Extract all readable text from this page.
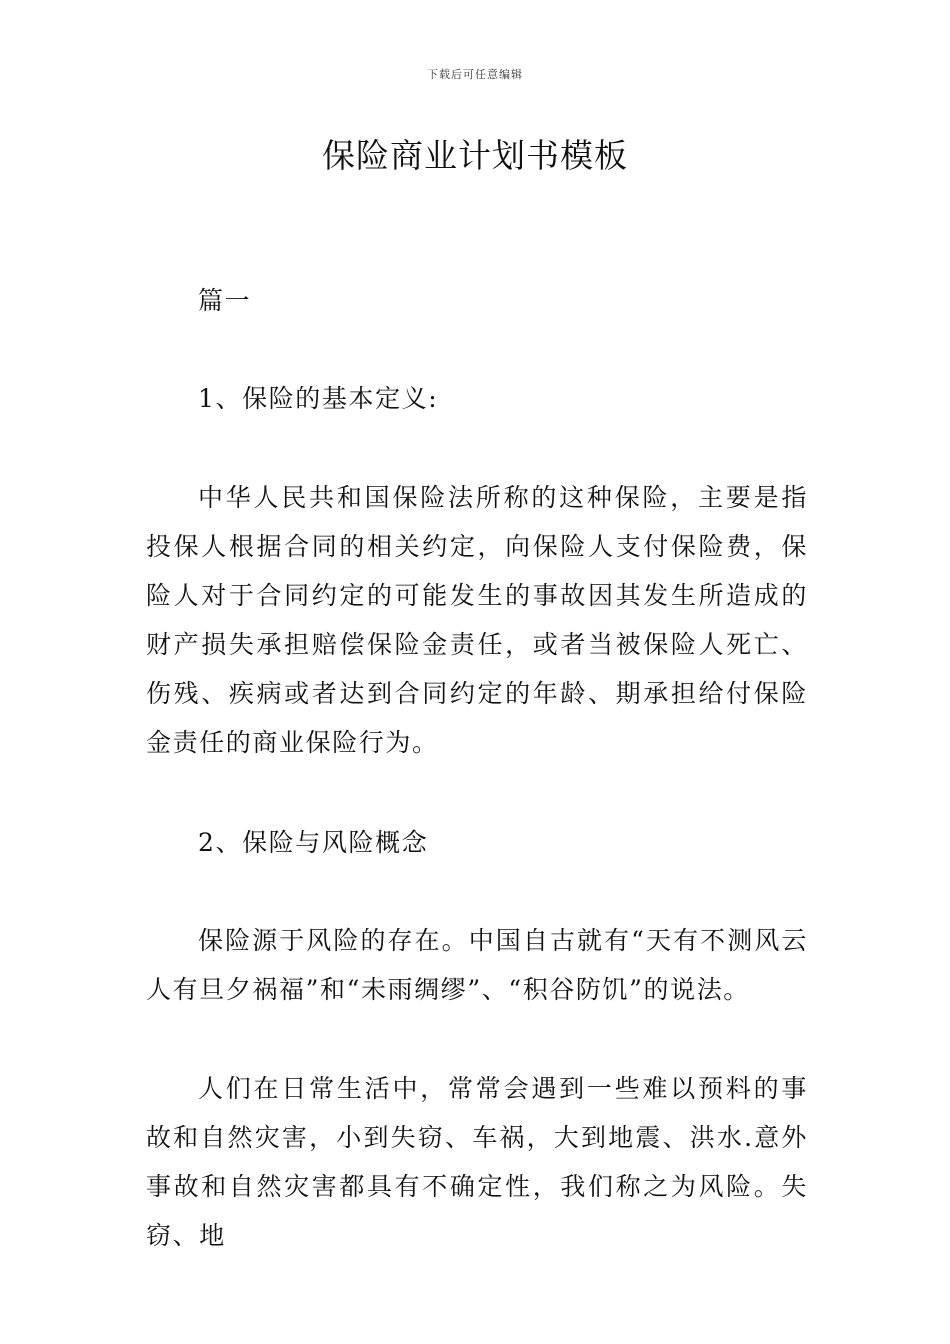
下载后可任意编辑
保险商业计划书模板
篇一
1、保险的基本定义:
中华人民共和国保险法所称的这种保险，主要是指投保人根据合同的相关约定，向保险人支付保险费，保险人对于合同约定的可能发生的事故因其发生所造成的财产损失承担赔偿保险金责任，或者当被保险人死亡、伤残、疾病或者达到合同约定的年龄、期承担给付保险金责任的商业保险行为。
2、保险与风险概念
保险源于风险的存在。中国自古就有“天有不测风云人有旦夕祸福”和“未雨绸缪”、“积谷防饥”的说法。
人们在日常生活中，常常会遇到一些难以预料的事故和自然灾害，小到失窃、车祸，大到地震、洪水.意外事故和自然灾害都具有不确定性，我们称之为风险。失窃、地
